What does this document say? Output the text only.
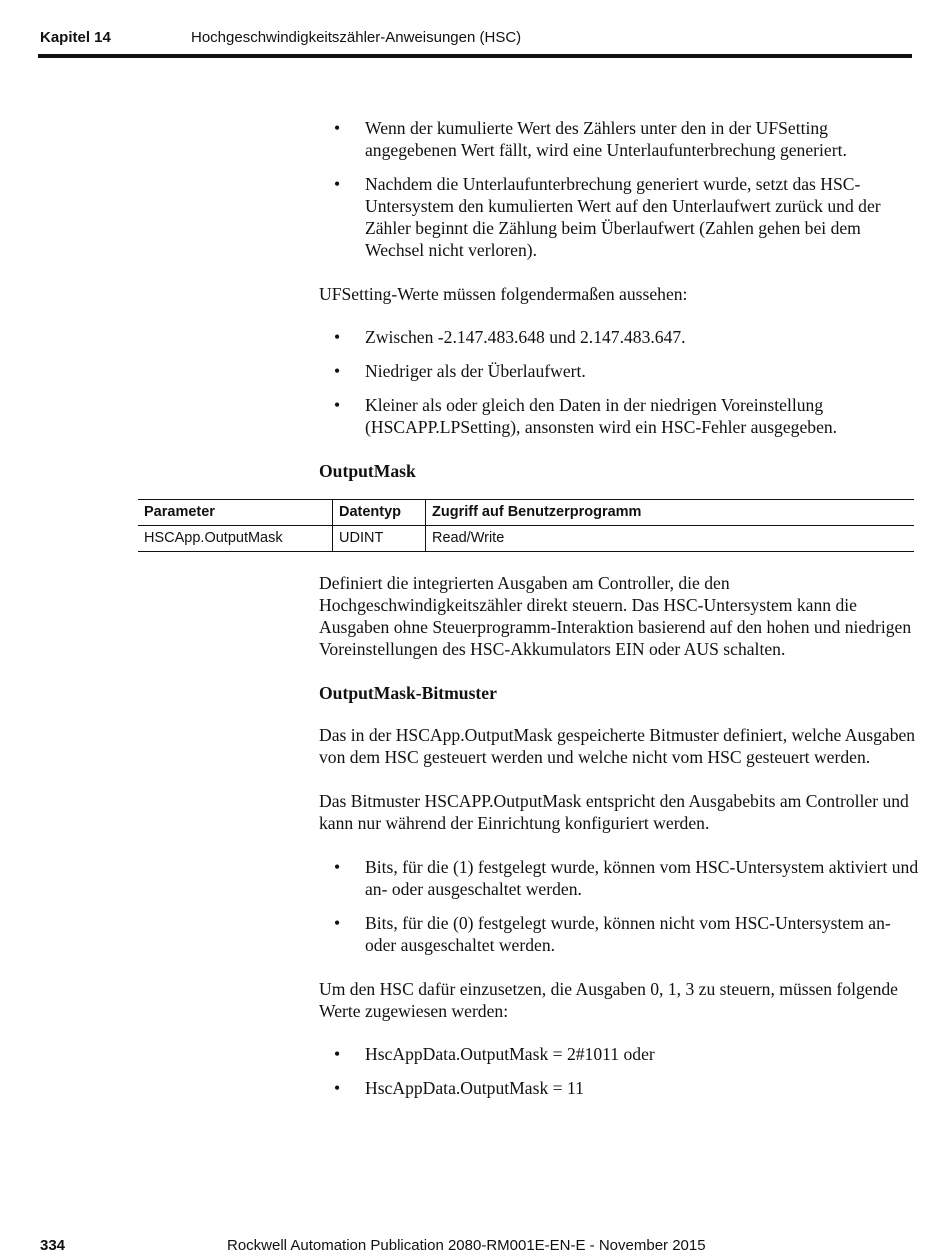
Kapitel 14	Hochgeschwindigkeitszähler-Anweisungen (HSC)
• Wenn der kumulierte Wert des Zählers unter den in der UFSetting angegebenen Wert fällt, wird eine Unterlaufunterbrechung generiert.
• Nachdem die Unterlaufunterbrechung generiert wurde, setzt das HSC-Untersystem den kumulierten Wert auf den Unterlaufwert zurück und der Zähler beginnt die Zählung beim Überlaufwert (Zahlen gehen bei dem Wechsel nicht verloren).

UFSetting-Werte müssen folgendermaßen aussehen:

• Zwischen -2.147.483.648 und 2.147.483.647.
• Niedriger als der Überlaufwert.
• Kleiner als oder gleich den Daten in der niedrigen Voreinstellung (HSCAPP.LPSetting), ansonsten wird ein HSC-Fehler ausgegeben.

OutputMask

Parameter	Datentyp	Zugriff auf Benutzerprogramm
HSCApp.OutputMask	UDINT	Read/Write

Definiert die integrierten Ausgaben am Controller, die den Hochgeschwindigkeitszähler direkt steuern. Das HSC-Untersystem kann die Ausgaben ohne Steuerprogramm-Interaktion basierend auf den hohen und niedrigen Voreinstellungen des HSC-Akkumulators EIN oder AUS schalten.

OutputMask-Bitmuster

Das in der HSCApp.OutputMask gespeicherte Bitmuster definiert, welche Ausgaben von dem HSC gesteuert werden und welche nicht vom HSC gesteuert werden.

Das Bitmuster HSCAPP.OutputMask entspricht den Ausgabebits am Controller und kann nur während der Einrichtung konfiguriert werden.

• Bits, für die (1) festgelegt wurde, können vom HSC-Untersystem aktiviert und an- oder ausgeschaltet werden.
• Bits, für die (0) festgelegt wurde, können nicht vom HSC-Untersystem an- oder ausgeschaltet werden.

Um den HSC dafür einzusetzen, die Ausgaben 0, 1, 3 zu steuern, müssen folgende Werte zugewiesen werden:

• HscAppData.OutputMask = 2#1011 oder
• HscAppData.OutputMask = 11
334	Rockwell Automation Publication 2080-RM001E-EN-E - November 2015
